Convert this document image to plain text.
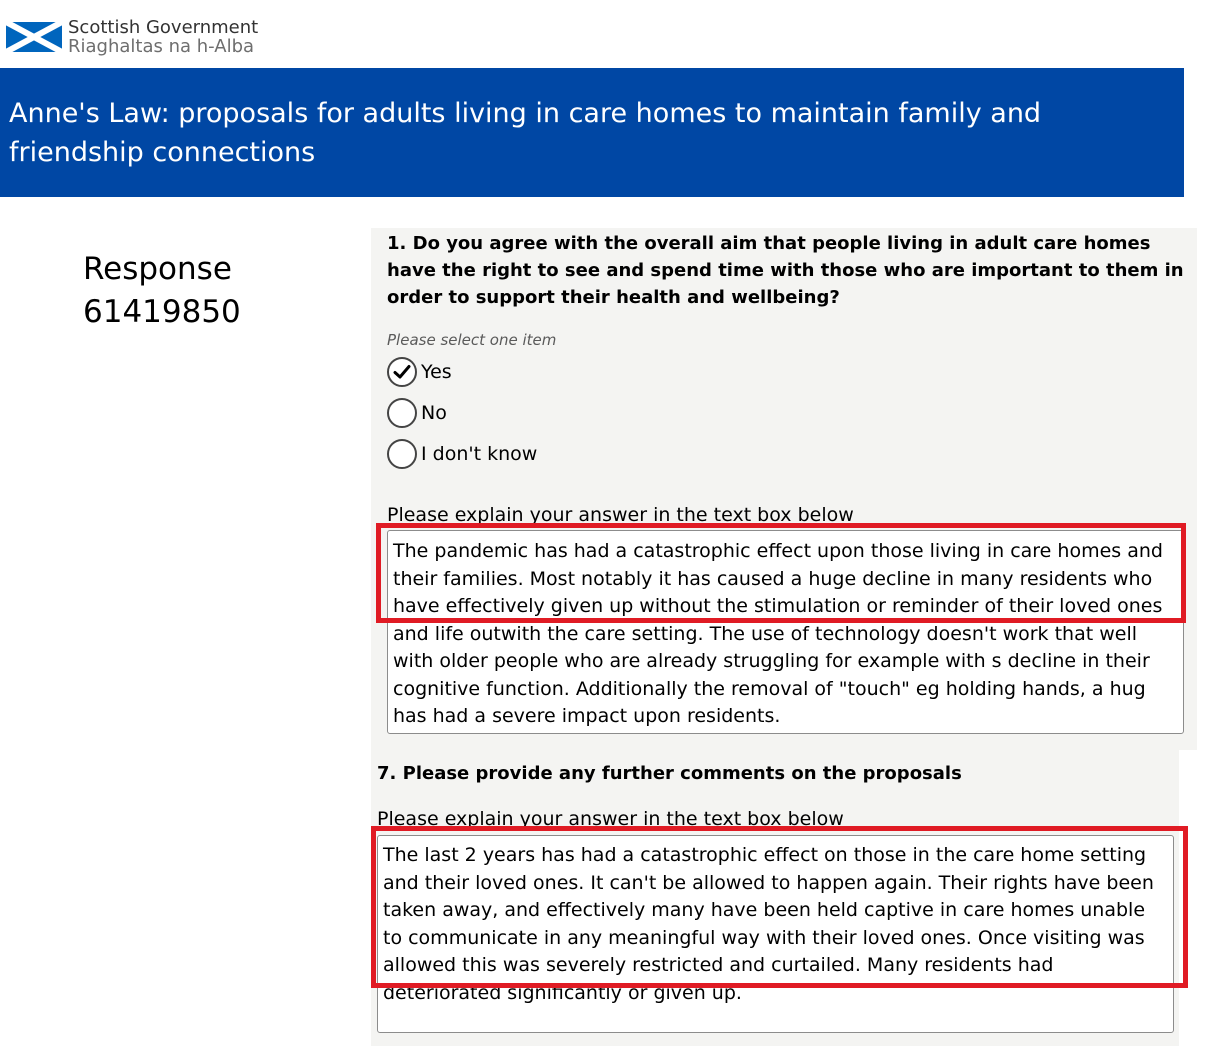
Scottish Government
Riaghaltas na h-Alba
Anne's Law: proposals for adults living in care homes to maintain family and friendship connections
Response
61419850

1. Do you agree with the overall aim that people living in adult care homes have the right to see and spend time with those who are important to them in order to support their health and wellbeing?

Please select one item
Yes
No
I don't know
Please explain your answer in the text box below

The pandemic has had a catastrophic effect upon those living in care homes and their families. Most notably it has caused a huge decline in many residents who have effectively given up without the stimulation or reminder of their loved ones and life outwith the care setting. The use of technology doesn't work that well with older people who are already struggling for example with s decline in their cognitive function. Additionally the removal of "touch" eg holding hands, a hug has had a severe impact upon residents.

7. Please provide any further comments on the proposals

Please explain your answer in the text box below

The last 2 years has had a catastrophic effect on those in the care home setting and their loved ones. It can't be allowed to happen again. Their rights have been taken away, and effectively many have been held captive in care homes unable to communicate in any meaningful way with their loved ones. Once visiting was allowed this was severely restricted and curtailed. Many residents had deteriorated significantly or given up.
